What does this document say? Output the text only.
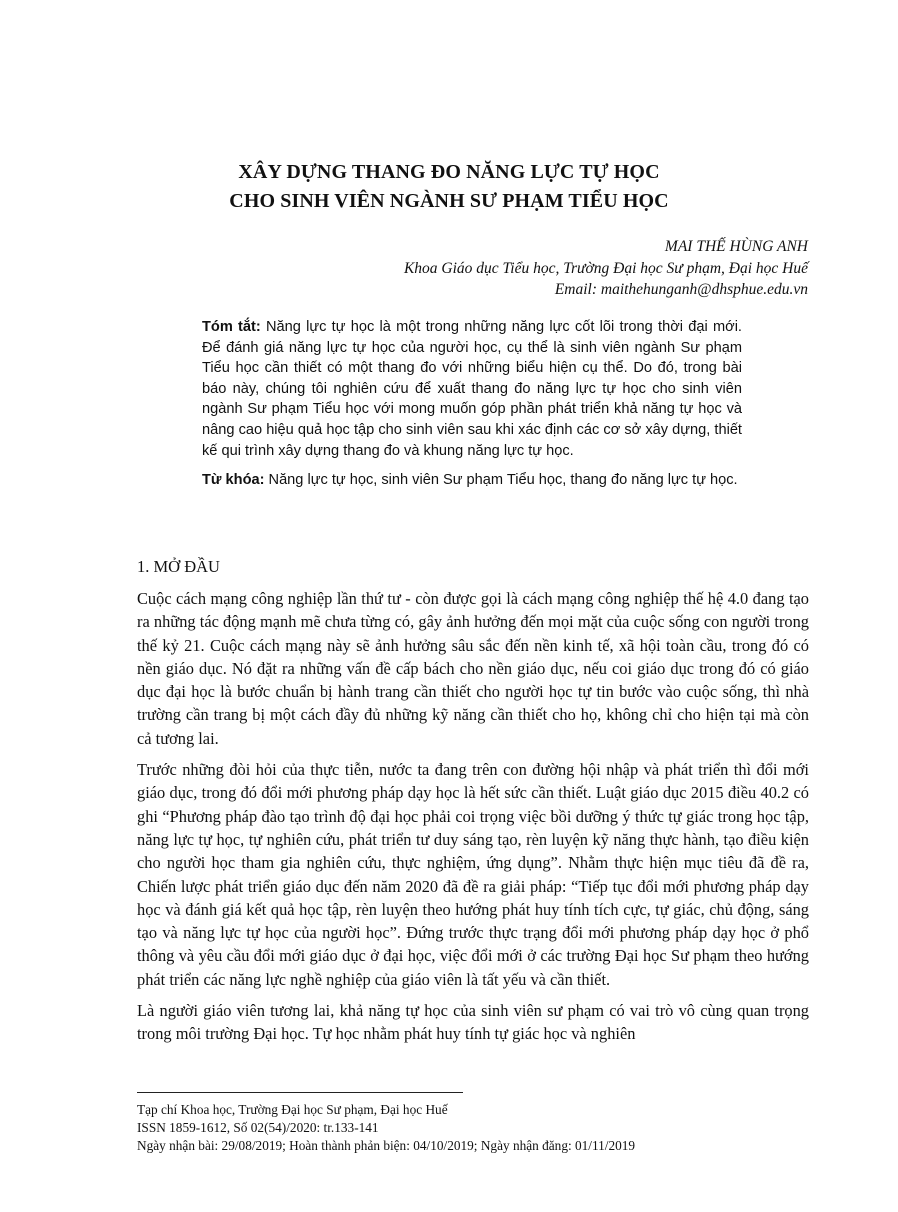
XÂY DỰNG THANG ĐO NĂNG LỰC TỰ HỌC
CHO SINH VIÊN NGÀNH SƯ PHẠM TIỂU HỌC
MAI THẾ HÙNG ANH
Khoa Giáo dục Tiểu học, Trường Đại học Sư phạm, Đại học Huế
Email: maithehunganh@dhsphue.edu.vn

Tóm tắt: Năng lực tự học là một trong những năng lực cốt lõi trong thời đại mới. Để đánh giá năng lực tự học của người học, cụ thể là sinh viên ngành Sư phạm Tiểu học cần thiết có một thang đo với những biểu hiện cụ thể. Do đó, trong bài báo này, chúng tôi nghiên cứu để xuất thang đo năng lực tự học cho sinh viên ngành Sư phạm Tiểu học với mong muốn góp phần phát triển khả năng tự học và nâng cao hiệu quả học tập cho sinh viên sau khi xác định các cơ sở xây dựng, thiết kế qui trình xây dựng thang đo và khung năng lực tự học.

Từ khóa: Năng lực tự học, sinh viên Sư phạm Tiểu học, thang đo năng lực tự học.

1. MỞ ĐẦU

Cuộc cách mạng công nghiệp lần thứ tư - còn được gọi là cách mạng công nghiệp thế hệ 4.0 đang tạo ra những tác động mạnh mẽ chưa từng có, gây ảnh hưởng đến mọi mặt của cuộc sống con người trong thế kỷ 21. Cuộc cách mạng này sẽ ảnh hưởng sâu sắc đến nền kinh tế, xã hội toàn cầu, trong đó có nền giáo dục. Nó đặt ra những vấn đề cấp bách cho nền giáo dục, nếu coi giáo dục trong đó có giáo dục đại học là bước chuẩn bị hành trang cần thiết cho người học tự tin bước vào cuộc sống, thì nhà trường cần trang bị một cách đầy đủ những kỹ năng cần thiết cho họ, không chỉ cho hiện tại mà còn cả tương lai.

Trước những đòi hỏi của thực tiễn, nước ta đang trên con đường hội nhập và phát triển thì đổi mới giáo dục, trong đó đổi mới phương pháp dạy học là hết sức cần thiết. Luật giáo dục 2015 điều 40.2 có ghi “Phương pháp đào tạo trình độ đại học phải coi trọng việc bồi dưỡng ý thức tự giác trong học tập, năng lực tự học, tự nghiên cứu, phát triển tư duy sáng tạo, rèn luyện kỹ năng thực hành, tạo điều kiện cho người học tham gia nghiên cứu, thực nghiệm, ứng dụng”. Nhằm thực hiện mục tiêu đã đề ra, Chiến lược phát triển giáo dục đến năm 2020 đã đề ra giải pháp: “Tiếp tục đổi mới phương pháp dạy học và đánh giá kết quả học tập, rèn luyện theo hướng phát huy tính tích cực, tự giác, chủ động, sáng tạo và năng lực tự học của người học”. Đứng trước thực trạng đổi mới phương pháp dạy học ở phổ thông và yêu cầu đổi mới giáo dục ở đại học, việc đổi mới ở các trường Đại học Sư phạm theo hướng phát triển các năng lực nghề nghiệp của giáo viên là tất yếu và cần thiết.

Là người giáo viên tương lai, khả năng tự học của sinh viên sư phạm có vai trò vô cùng quan trọng trong môi trường Đại học. Tự học nhằm phát huy tính tự giác học và nghiên

Tạp chí Khoa học, Trường Đại học Sư phạm, Đại học Huế
ISSN 1859-1612, Số 02(54)/2020: tr.133-141
Ngày nhận bài: 29/08/2019; Hoàn thành phản biện: 04/10/2019; Ngày nhận đăng: 01/11/2019
